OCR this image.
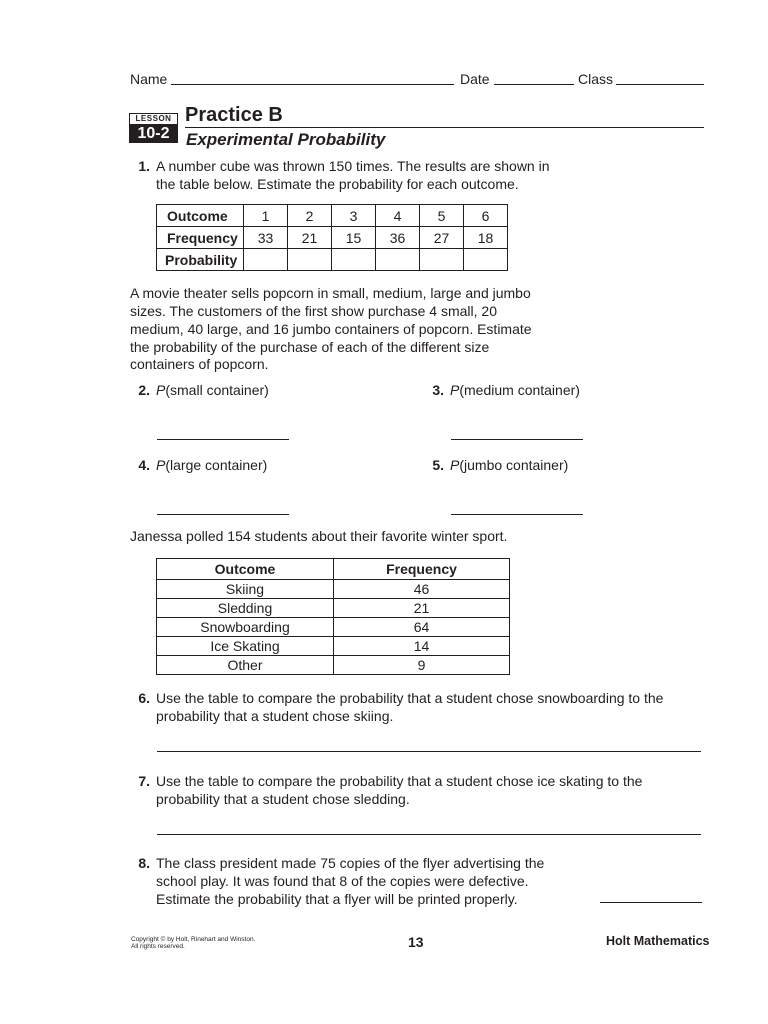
Name	Date	Class
LESSON
10-2
Practice B
Experimental Probability
1. A number cube was thrown 150 times. The results are shown in
the table below. Estimate the probability for each outcome.
Outcome	1	2	3	4	5	6
Frequency	33	21	15	36	27	18
Probability						
A movie theater sells popcorn in small, medium, large and jumbo
sizes. The customers of the first show purchase 4 small, 20
medium, 40 large, and 16 jumbo containers of popcorn. Estimate
the probability of the purchase of each of the different size
containers of popcorn.
2. P(small container)	3. P(medium container)
4. P(large container)	5. P(jumbo container)
Janessa polled 154 students about their favorite winter sport.
Outcome	Frequency
Skiing	46
Sledding	21
Snowboarding	64
Ice Skating	14
Other	9
6. Use the table to compare the probability that a student chose snowboarding to the
probability that a student chose skiing.
7. Use the table to compare the probability that a student chose ice skating to the
probability that a student chose sledding.
8. The class president made 75 copies of the flyer advertising the
school play. It was found that 8 of the copies were defective.
Estimate the probability that a flyer will be printed properly.
Copyright © by Holt, Rinehart and Winston.
All rights reserved.	13	Holt Mathematics
